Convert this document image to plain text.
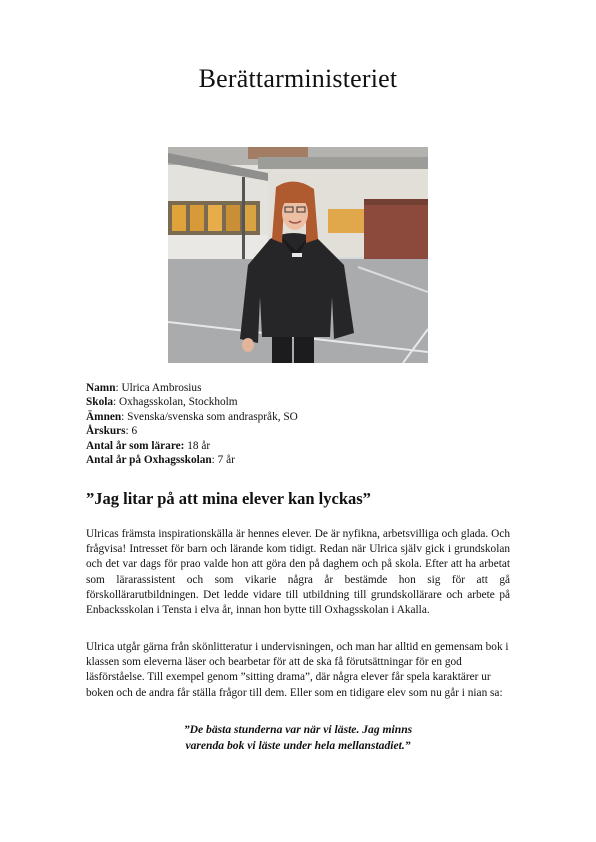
Berättarministeriet
Namn: Ulrica Ambrosius
Skola: Oxhagsskolan, Stockholm
Ämnen: Svenska/svenska som andraspråk, SO
Årskurs: 6
Antal år som lärare: 18 år
Antal år på Oxhagsskolan: 7 år
”Jag litar på att mina elever kan lyckas”
Ulricas främsta inspirationskälla är hennes elever. De är nyfikna, arbetsvilliga och glada. Och frågvisa! Intresset för barn och lärande kom tidigt. Redan när Ulrica själv gick i grundskolan och det var dags för prao valde hon att göra den på daghem och på skola. Efter att ha arbetat som lärarassistent och som vikarie några år bestämde hon sig för att gå förskollärarutbildningen. Det ledde vidare till utbildning till grundskollärare och arbete på Enbacksskolan i Tensta i elva år, innan hon bytte till Oxhagsskolan i Akalla.
Ulrica utgår gärna från skönlitteratur i undervisningen, och man har alltid en gemensam bok i klassen som eleverna läser och bearbetar för att de ska få förutsättningar för en god läsförståelse. Till exempel genom ”sitting drama”, där några elever får spela karaktärer ur boken och de andra får ställa frågor till dem. Eller som en tidigare elev som nu går i nian sa:
”De bästa stunderna var när vi läste. Jag minns
varenda bok vi läste under hela mellanstadiet.”
